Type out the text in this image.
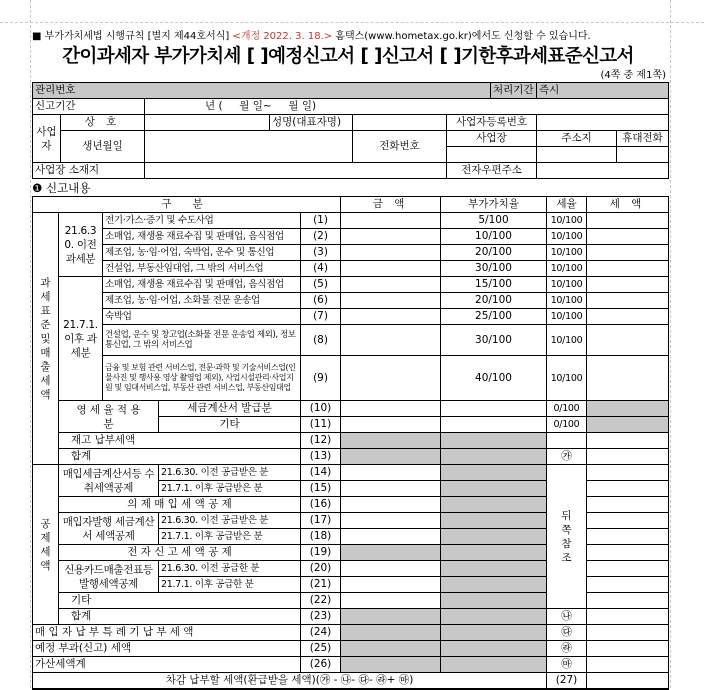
■ 부가가치세법 시행규칙 [별지 제44호서식] <개정 2022. 3. 18.> 홈택스(www.hometax.go.kr)에서도 신청할 수 있습니다.
간이과세자 부가가치세 [ ]예정신고서 [ ]신고서 [ ]기한후과세표준신고서
(4쪽 중 제1쪽)
관리번호						처리기간	즉시	
신고기간		년 ( 월 일~ 월 일)						
사업자	상 호		성명(대표자명)		사업자등록번호			
	생년월일			전화번호	사업장		주소지	휴대전화

사업장 소재지					전자우편주소			
❶ 신고내용
구 분					금 액	부가가치율	세율	세 액
과세표준 및 매출세액	21.6.30. 이전 과세분	전기·가스·증기 및 수도사업		(1)		5/100	10/100	
		소매업, 재생용 재료수집 및 판매업, 음식점업		(2)		10/100	10/100	
		제조업, 농·임·어업, 숙박업, 운수 및 통신업		(3)		20/100	10/100	
		건설업, 부동산임대업, 그 밖의 서비스업		(4)		30/100	10/100	
	21.7.1. 이후 과세분	소매업, 재생용 재료수집 및 판매업, 음식점업		(5)		15/100	10/100	
		제조업, 농·임·어업, 소화물 전문 운송업		(6)		20/100	10/100	
		숙박업		(7)		25/100	10/100	
		건설업, 운수 및 창고업(소화물 전문 운송업 제외), 정보통신업, 그 밖의 서비스업		(8)		30/100	10/100	
		금융 및 보험 관련 서비스업, 전문·과학 및 기술서비스업(인물사진 및 행사용 영상 촬영업 제외), 사업시설관리·사업지원 및 임대서비스업, 부동산 관련 서비스업, 부동산임대업		(9)		40/100	10/100	
	영 세 율 적 용 분		세금계산서 발급분	(10)			0/100	
			기타	(11)			0/100	
	재고 납부세액			(12)				
	합계			(13)			㉮	
공제세액	매입세금계산서등 수취세액공제		21.6.30. 이전 공급받은 분	(14)			뒤쪽 참조	
			21.7.1. 이후 공급받은 분	(15)				
	의 제 매 입 세 액 공 제			(16)				
	매입자발행 세금계산서 세액공제		21.6.30. 이전 공급받은 분	(17)				
			21.7.1. 이후 공급받은 분	(18)				
	전 자 신 고 세 액 공 제			(19)				
	신용카드매출전표등 발행세액공제		21.6.30. 이전 공급한 분	(20)				
			21.7.1. 이후 공급한 분	(21)				
	기타			(22)				
	합계			(23)			㉯	
매 입 자 납 부 특 례 기 납 부 세 액				(24)			㉰	
예정 부과(신고) 세액				(25)			㉱	
가산세액계				(26)			㉲	
차감 납부할 세액(환급받을 세액)(㉮ - ㉯- ㉰- ㉱+ ㉲)							(27)	
